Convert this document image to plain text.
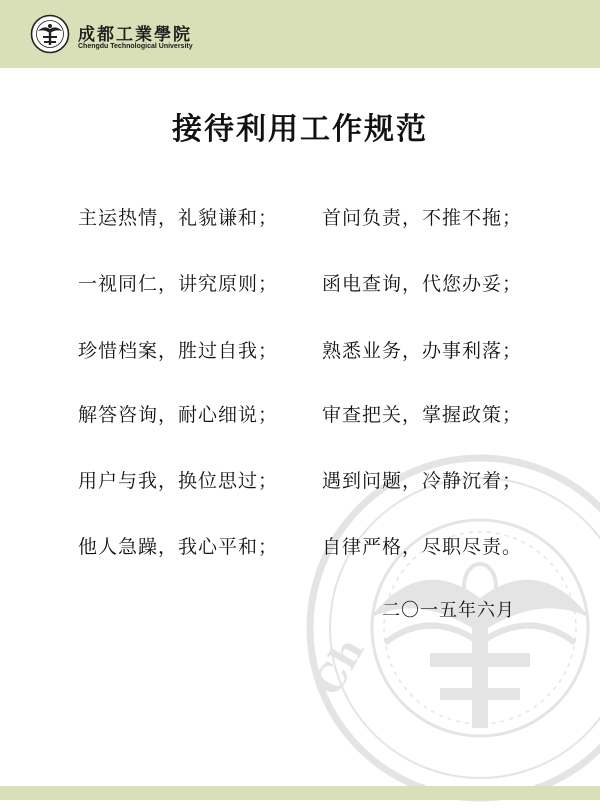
成都工業學院
Chengdu Technological University
Ch
接待利用工作规范
主运热情，礼貌谦和；
一视同仁，讲究原则；
珍惜档案，胜过自我；
解答咨询，耐心细说；
用户与我，换位思过；
他人急躁，我心平和；
首问负责，不推不拖；
函电查询，代您办妥；
熟悉业务，办事利落；
审查把关，掌握政策；
遇到问题，冷静沉着；
自律严格，尽职尽责。
二〇一五年六月
